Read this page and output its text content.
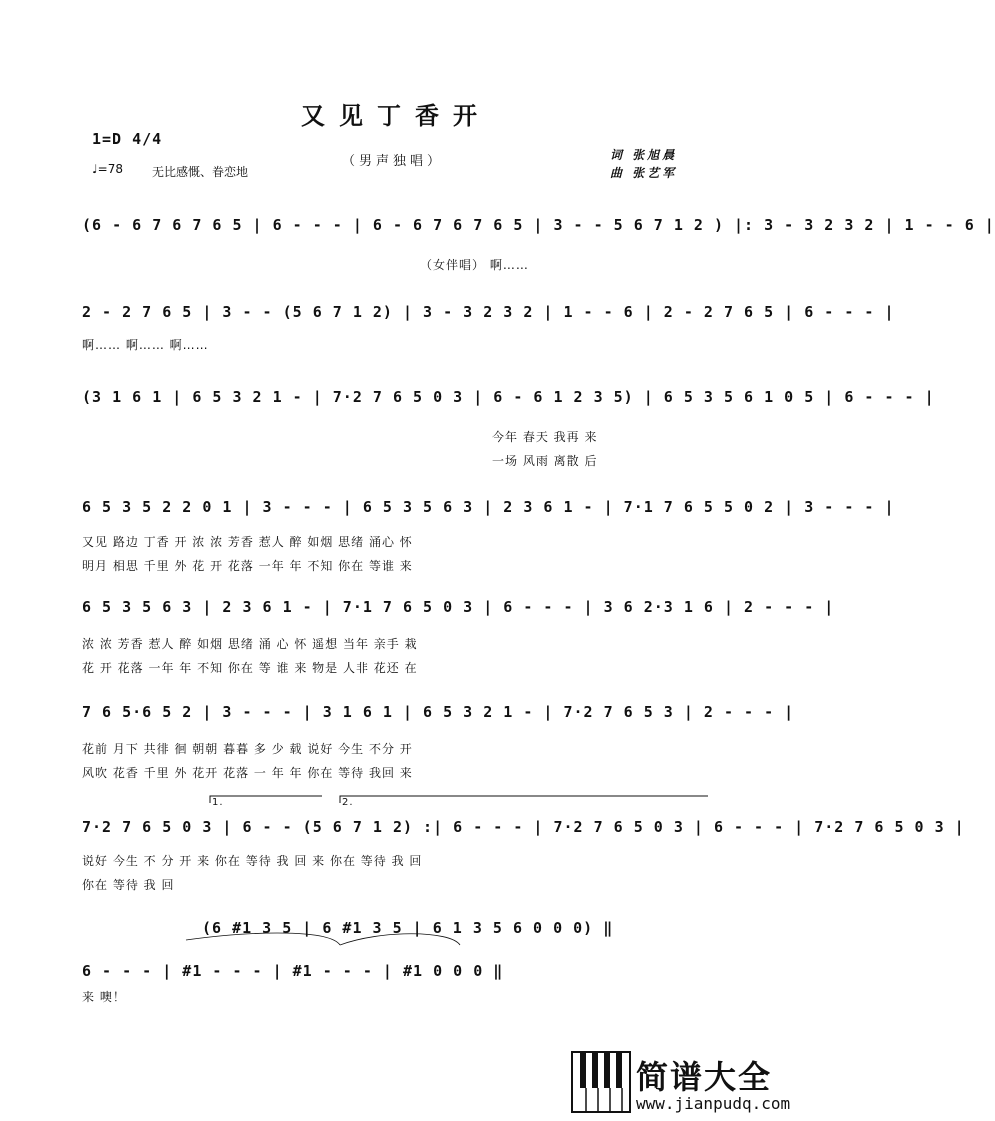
又见丁香开
1=D 4/4
♩=78 无比感慨、眷恋地
（男声独唱）	词 张旭晨
曲 张艺军
(6 - 6 7 6 7 6 5 | 6 - - - | 6 - 6 7 6 7 6 5 | 3 - - 5 6 7 1 2 ) |: 3 - 3 2 3 2 | 1 - - 6 |
（女伴唱） 啊……
2 - 2 7 6 5 | 3 - - (5 6 7 1 2) | 3 - 3 2 3 2 | 1 - - 6 | 2 - 2 7 6 5 | 6 - - - |
啊…… 啊…… 啊……
(3 1 6 1 | 6 5 3 2 1 - | 7·2 7 6 5 0 3 | 6 - 6 1 2 3 5) | 6 5 3 5 6 1 0 5 | 6 - - - |
今年 春天 我再 来
一场 风雨 离散 后
6 5 3 5 2 2 0 1 | 3 - - - | 6 5 3 5 6 3 | 2 3 6 1 - | 7·1 7 6 5 5 0 2 | 3 - - - |
又见 路边 丁香 开 浓 浓 芳香 惹人 醉 如烟 思绪 涌心 怀
明月 相思 千里 外 花 开 花落 一年 年 不知 你在 等谁 来
6 5 3 5 6 3 | 2 3 6 1 - | 7·1 7 6 5 0 3 | 6 - - - | 3 6 2·3 1 6 | 2 - - - |
浓 浓 芳香 惹人 醉 如烟 思绪 涌 心 怀 遥想 当年 亲手 栽
花 开 花落 一年 年 不知 你在 等 谁 来 物是 人非 花还 在
7 6 5·6 5 2 | 3 - - - | 3 1 6 1 | 6 5 3 2 1 - | 7·2 7 6 5 3 | 2 - - - |
花前 月下 共徘 徊 朝朝 暮暮 多 少 载 说好 今生 不分 开
风吹 花香 千里 外 花开 花落 一 年 年 你在 等待 我回 来
1.	2.
7·2 7 6 5 0 3 | 6 - - (5 6 7 1 2) :| 6 - - - | 7·2 7 6 5 0 3 | 6 - - - | 7·2 7 6 5 0 3 |
说好 今生 不 分 开 来 你在 等待 我 回 来 你在 等待 我 回
你在 等待 我 回
(6 #1 3 5 | 6 #1 3 5 | 6 1 3 5 6 0 0 0) ‖
6 - - - | #1 - - - | #1 - - - | #1 0 0 0 ‖
来 噢！
简谱大全
www.jianpudq.com
